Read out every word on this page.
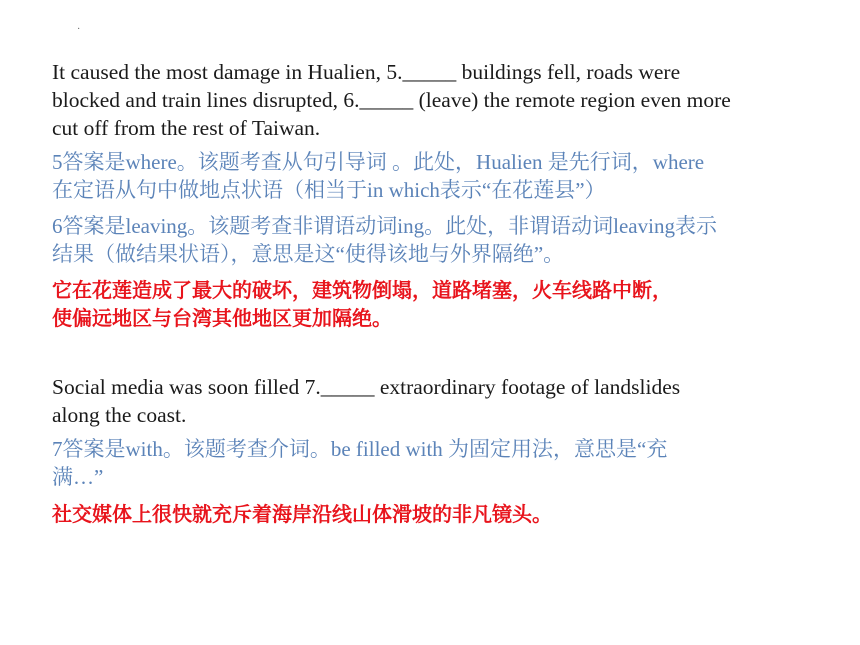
·
It caused the most damage in Hualien, 5._____ buildings fell, roads were
blocked and train lines disrupted, 6._____ (leave) the remote region even more
cut off from the rest of Taiwan.
5答案是where。该题考查从句引导词 。此处，Hualien 是先行词，where
在定语从句中做地点状语（相当于in which表示“在花莲县”）
6答案是leaving。该题考查非谓语动词ing。此处，非谓语动词leaving表示
结果（做结果状语），意思是这“使得该地与外界隔绝”。
它在花莲造成了最大的破坏，建筑物倒塌，道路堵塞，火车线路中断，
使偏远地区与台湾其他地区更加隔绝。
Social media was soon filled 7._____ extraordinary footage of landslides
along the coast.
7答案是with。该题考查介词。be filled with 为固定用法，意思是“充
满…”
社交媒体上很快就充斥着海岸沿线山体滑坡的非凡镜头。
